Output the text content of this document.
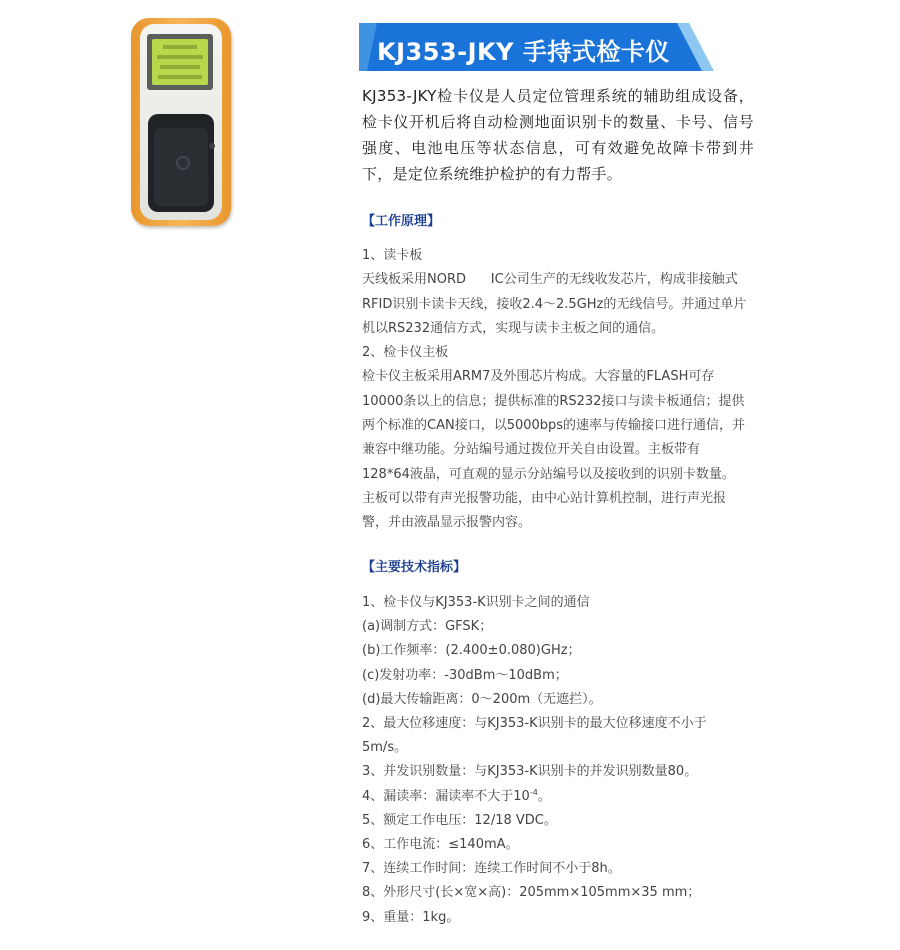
KJ353-JKY 手持式检卡仪
KJ353-JKY检卡仪是人员定位管理系统的辅助组成设备，检卡仪开机后将自动检测地面识别卡的数量、卡号、信号强度、电池电压等状态信息，可有效避免故障卡带到井下，是定位系统维护检护的有力帮手。
【工作原理】
1、读卡板
天线板采用NORD      IC公司生产的无线收发芯片，构成非接触式
RFID识别卡读卡天线，接收2.4～2.5GHz的无线信号。并通过单片
机以RS232通信方式，实现与读卡主板之间的通信。
2、检卡仪主板
检卡仪主板采用ARM7及外围芯片构成。大容量的FLASH可存
10000条以上的信息；提供标准的RS232接口与读卡板通信；提供
两个标准的CAN接口，以5000bps的速率与传输接口进行通信，并
兼容中继功能。分站编号通过拨位开关自由设置。主板带有
128*64液晶，可直观的显示分站编号以及接收到的识别卡数量。
主板可以带有声光报警功能，由中心站计算机控制，进行声光报
警，并由液晶显示报警内容。
【主要技术指标】
1、检卡仪与KJ353-K识别卡之间的通信
(a)调制方式：GFSK；
(b)工作频率：(2.400±0.080)GHz；
(c)发射功率：-30dBm～10dBm；
(d)最大传输距离：0～200m（无遮拦）。
2、最大位移速度：与KJ353-K识别卡的最大位移速度不小于
5m/s。
3、并发识别数量：与KJ353-K识别卡的并发识别数量80。
4、漏读率：漏读率不大于$10^{-4}$。
5、额定工作电压：12/18 VDC。
6、工作电流：≤140mA。
7、连续工作时间：连续工作时间不小于8h。
8、外形尺寸(长×宽×高)：205mm×105mm×35 mm；
9、重量：1kg。
